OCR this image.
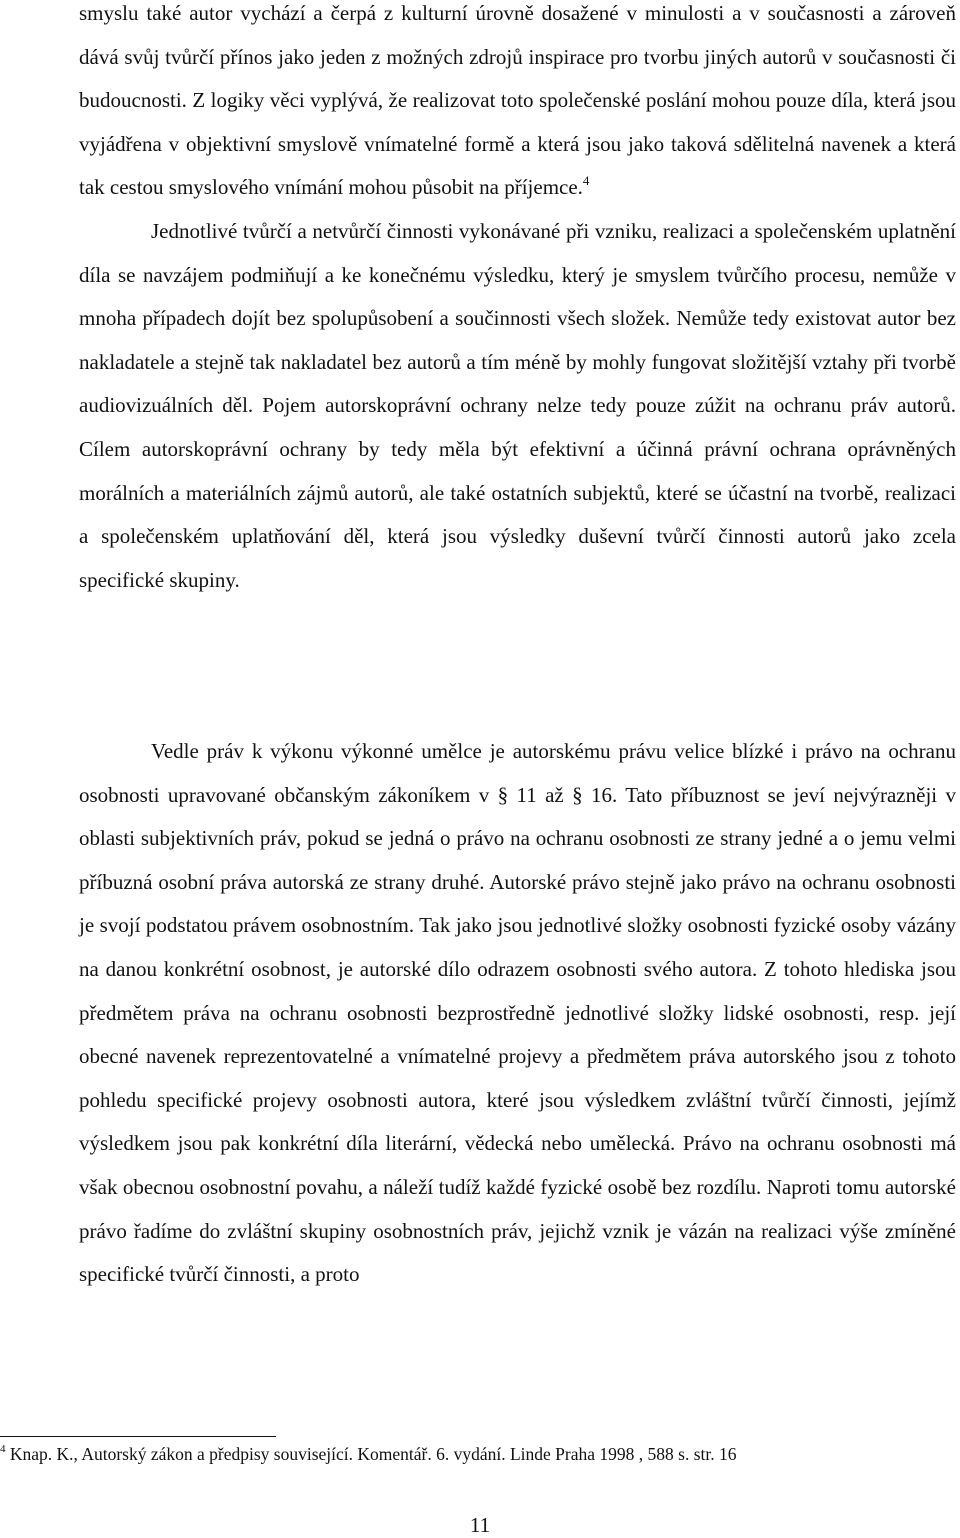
smyslu také autor vychází a čerpá z kulturní úrovně dosažené v minulosti a v současnosti a zároveň dává svůj tvůrčí přínos jako jeden z možných zdrojů inspirace pro tvorbu jiných autorů v současnosti či budoucnosti. Z logiky věci vyplývá, že realizovat toto společenské poslání mohou pouze díla, která jsou vyjádřena v objektivní smyslově vnímatelné formě a která jsou jako taková sdělitelná navenek a která tak cestou smyslového vnímání mohou působit na příjemce.$^4$

Jednotlivé tvůrčí a netvůrčí činnosti vykonávané při vzniku, realizaci a společenském uplatnění díla se navzájem podmiňují a ke konečnému výsledku, který je smyslem tvůrčího procesu, nemůže v mnoha případech dojít bez spolupůsobení a součinnosti všech složek. Nemůže tedy existovat autor bez nakladatele a stejně tak nakladatel bez autorů a tím méně by mohly fungovat složitější vztahy při tvorbě audiovizuálních děl. Pojem autorskoprávní ochrany nelze tedy pouze zúžit na ochranu práv autorů. Cílem autorskoprávní ochrany by tedy měla být efektivní a účinná právní ochrana oprávněných morálních a materiálních zájmů autorů, ale také ostatních subjektů, které se účastní na tvorbě, realizaci a společenském uplatňování děl, která jsou výsledky duševní tvůrčí činnosti autorů jako zcela specifické skupiny.

Vedle práv k výkonu výkonné umělce je autorskému právu velice blízké i právo na ochranu osobnosti upravované občanským zákoníkem v § 11 až § 16. Tato příbuznost se jeví nejvýrazněji v oblasti subjektivních práv, pokud se jedná o právo na ochranu osobnosti ze strany jedné a o jemu velmi příbuzná osobní práva autorská ze strany druhé. Autorské právo stejně jako právo na ochranu osobnosti je svojí podstatou právem osobnostním. Tak jako jsou jednotlivé složky osobnosti fyzické osoby vázány na danou konkrétní osobnost, je autorské dílo odrazem osobnosti svého autora. Z tohoto hlediska jsou předmětem práva na ochranu osobnosti bezprostředně jednotlivé složky lidské osobnosti, resp. její obecné navenek reprezentovatelné a vnímatelné projevy a předmětem práva autorského jsou z tohoto pohledu specifické projevy osobnosti autora, které jsou výsledkem zvláštní tvůrčí činnosti, jejímž výsledkem jsou pak konkrétní díla literární, vědecká nebo umělecká. Právo na ochranu osobnosti má však obecnou osobnostní povahu, a náleží tudíž každé fyzické osobě bez rozdílu. Naproti tomu autorské právo řadíme do zvláštní skupiny osobnostních práv, jejichž vznik je vázán na realizaci výše zmíněné specifické tvůrčí činnosti, a proto

$^4$ Knap. K., Autorský zákon a předpisy související. Komentář. 6. vydání. Linde Praha 1998 , 588 s. str. 16
11
